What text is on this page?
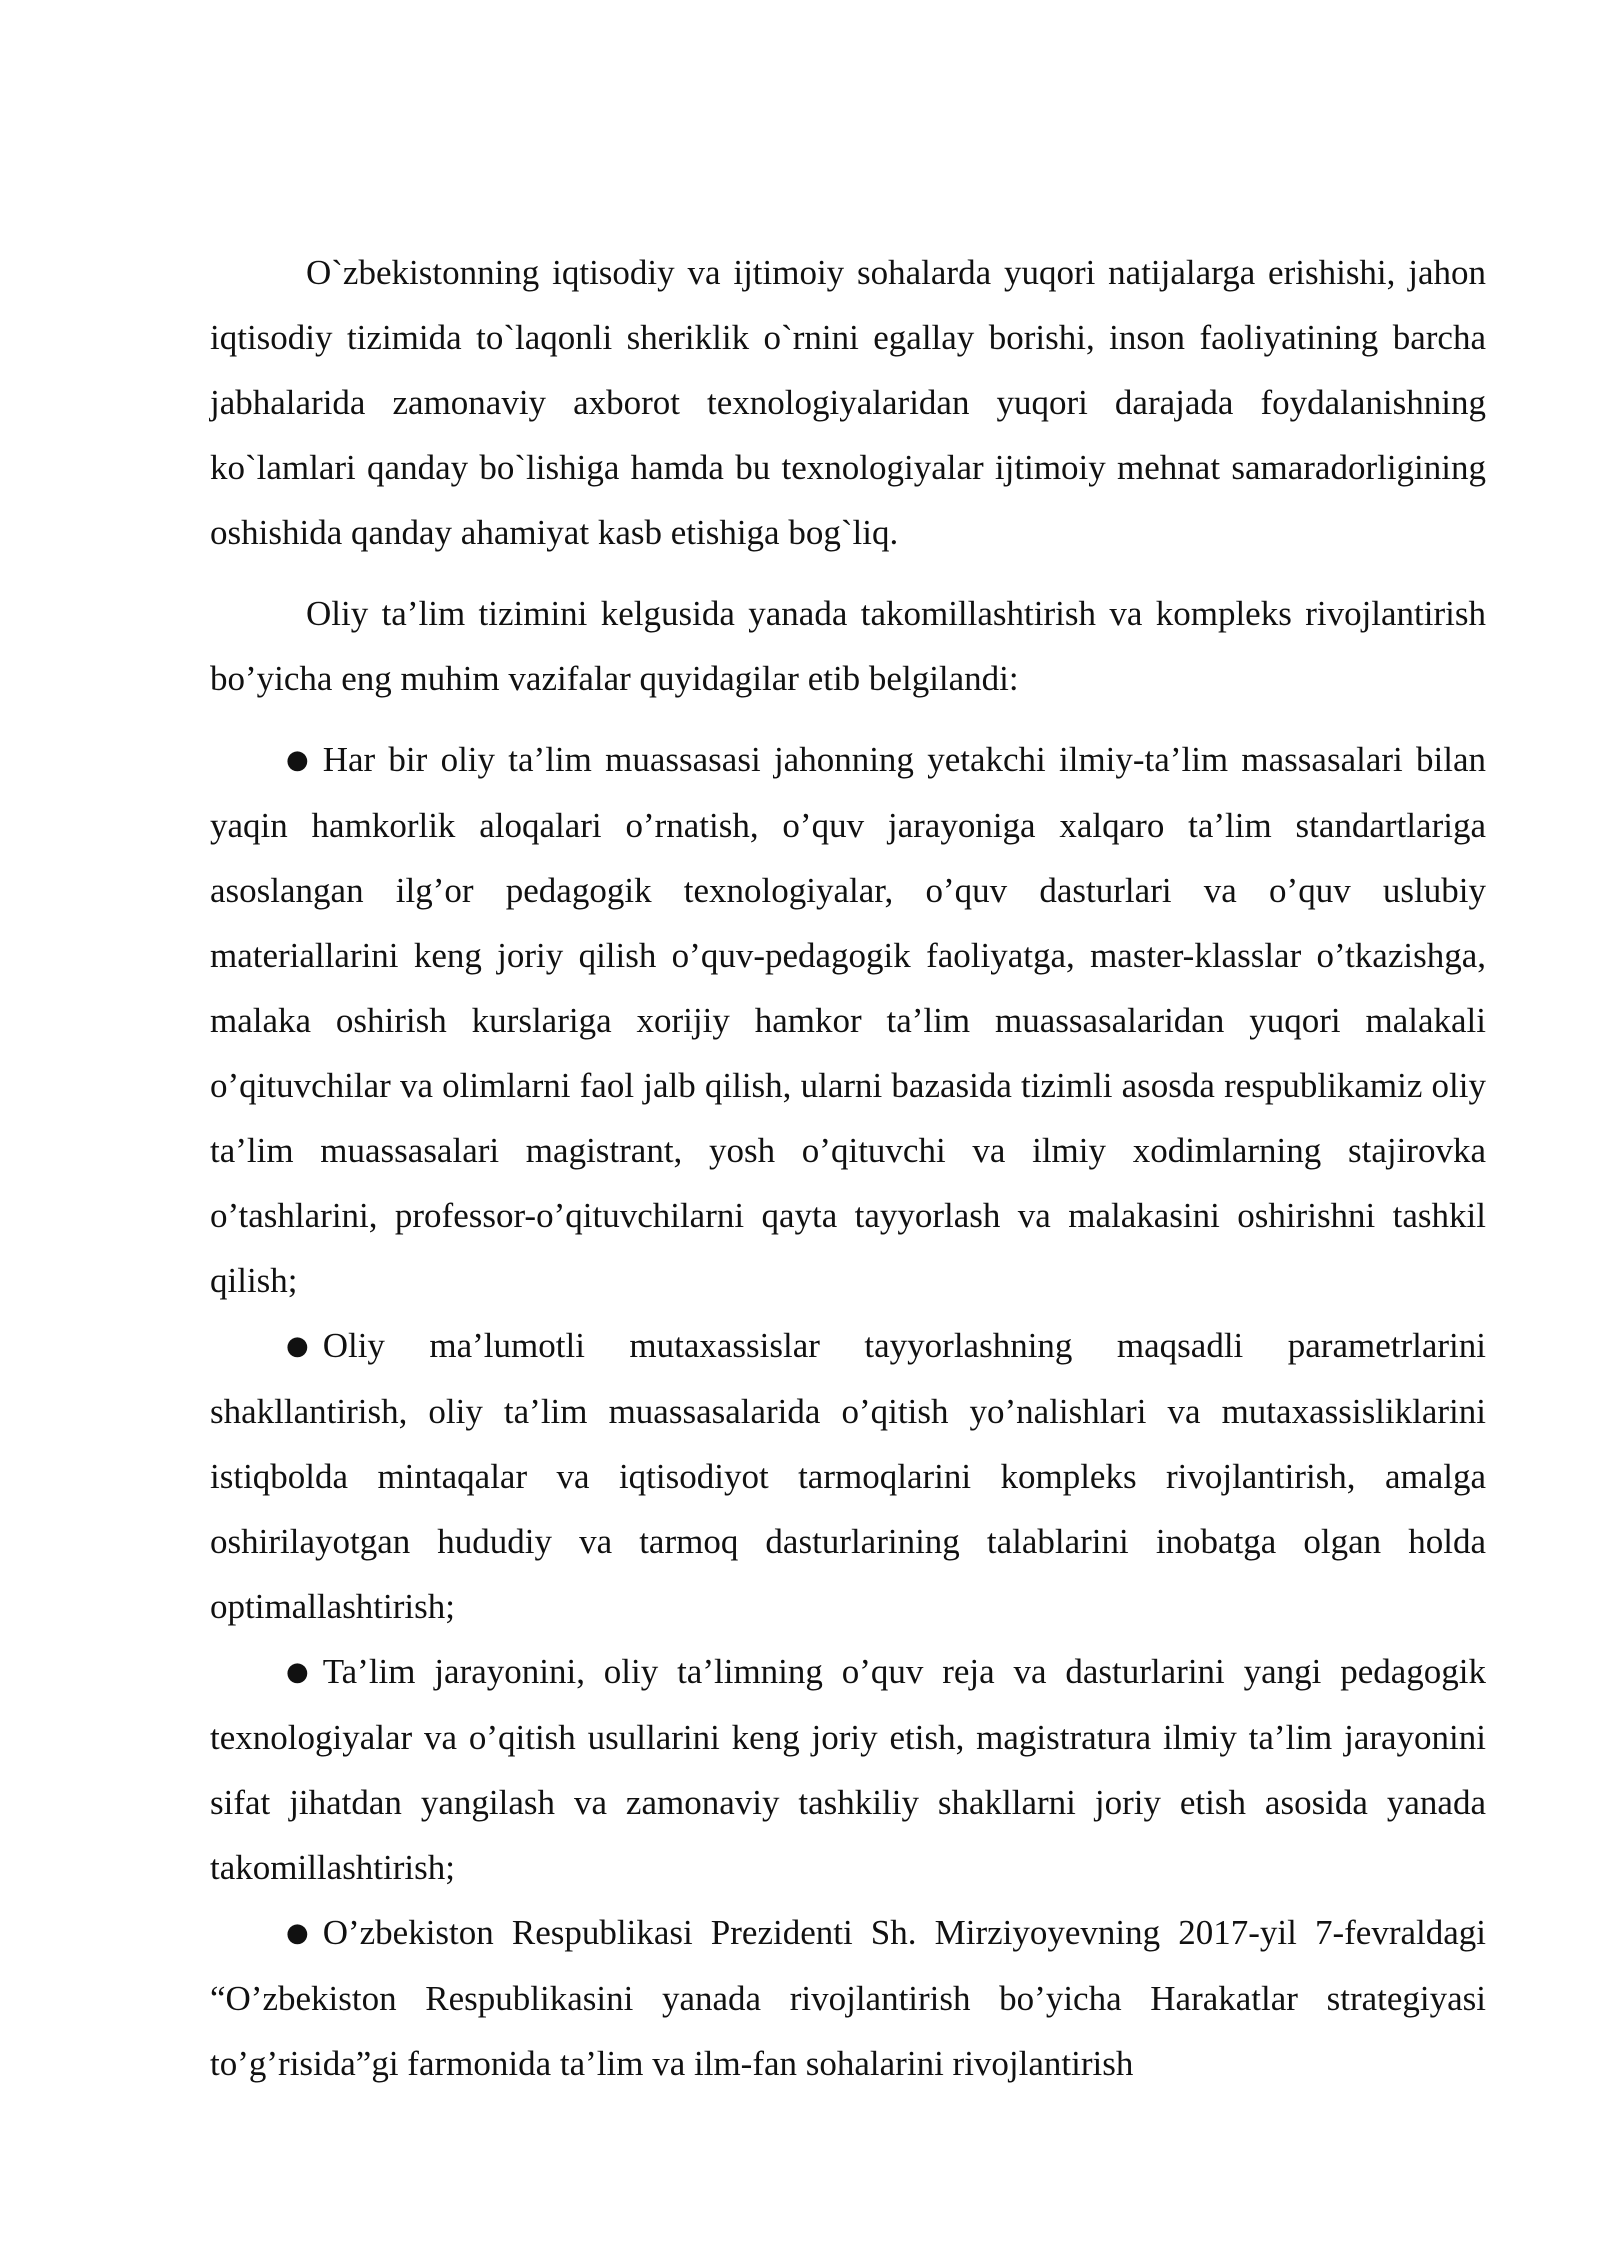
O`zbekistonning iqtisodiy va ijtimoiy sohalarda yuqori natijalarga erishishi, jahon iqtisodiy tizimida to`laqonli sheriklik o`rnini egallay borishi, inson faoliyatining barcha jabhalarida zamonaviy axborot texnologiyalaridan yuqori darajada foydalanishning ko`lamlari qanday bo`lishiga hamda bu texnologiyalar ijtimoiy mehnat samaradorligining oshishida qanday ahamiyat kasb etishiga bog`liq.

Oliy ta’lim tizimini kelgusida yanada takomillashtirish va kompleks rivojlantirish bo’yicha eng muhim vazifalar quyidagilar etib belgilandi:

● Har bir oliy ta’lim muassasasi jahonning yetakchi ilmiy-ta’lim massasalari bilan yaqin hamkorlik aloqalari o’rnatish, o’quv jarayoniga xalqaro ta’lim standartlariga asoslangan ilg’or pedagogik texnologiyalar, o’quv dasturlari va o’quv uslubiy materiallarini keng joriy qilish o’quv-pedagogik faoliyatga, master-klasslar o’tkazishga, malaka oshirish kurslariga xorijiy hamkor ta’lim muassasalaridan yuqori malakali o’qituvchilar va olimlarni faol jalb qilish, ularni bazasida tizimli asosda respublikamiz oliy ta’lim muassasalari magistrant, yosh o’qituvchi va ilmiy xodimlarning stajirovka o’tashlarini, professor-o’qituvchilarni qayta tayyorlash va malakasini oshirishni tashkil qilish;
● Oliy ma’lumotli mutaxassislar tayyorlashning maqsadli parametrlarini shakllantirish, oliy ta’lim muassasalarida o’qitish yo’nalishlari va mutaxassisliklarini istiqbolda mintaqalar va iqtisodiyot tarmoqlarini kompleks rivojlantirish, amalga oshirilayotgan hududiy va tarmoq dasturlarining talablarini inobatga olgan holda optimallashtirish;
● Ta’lim jarayonini, oliy ta’limning o’quv reja va dasturlarini yangi pedagogik texnologiyalar va o’qitish usullarini keng joriy etish, magistratura ilmiy ta’lim jarayonini sifat jihatdan yangilash va zamonaviy tashkiliy shakllarni joriy etish asosida yanada takomillashtirish;
● O’zbekiston Respublikasi Prezidenti Sh. Mirziyoyevning 2017-yil 7-fevraldagi “O’zbekiston Respublikasini yanada rivojlantirish bo’yicha Harakatlar strategiyasi to’g’risida”gi farmonida ta’lim va ilm-fan sohalarini rivojlantirish
